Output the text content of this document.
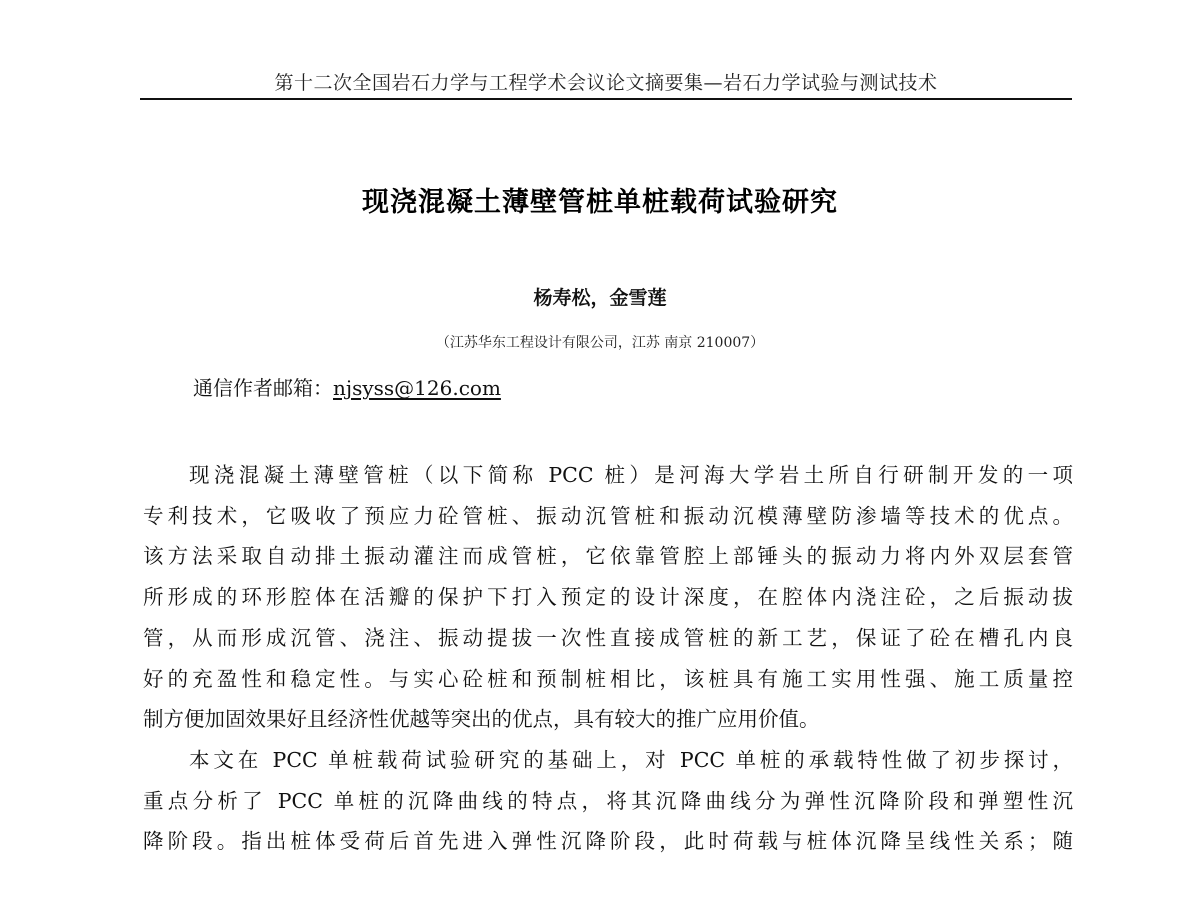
第十二次全国岩石力学与工程学术会议论文摘要集—岩石力学试验与测试技术
现浇混凝土薄壁管桩单桩载荷试验研究
杨寿松，金雪莲
（江苏华东工程设计有限公司，江苏 南京 210007）
通信作者邮箱：njsyss@126.com
现浇混凝土薄壁管桩（以下简称 PCC 桩）是河海大学岩土所自行研制开发的一项
专利技术，它吸收了预应力砼管桩、振动沉管桩和振动沉模薄壁防渗墙等技术的优点。
该方法采取自动排土振动灌注而成管桩，它依靠管腔上部锤头的振动力将内外双层套管
所形成的环形腔体在活瓣的保护下打入预定的设计深度，在腔体内浇注砼，之后振动拔
管，从而形成沉管、浇注、振动提拔一次性直接成管桩的新工艺，保证了砼在槽孔内良
好的充盈性和稳定性。与实心砼桩和预制桩相比，该桩具有施工实用性强、施工质量控
制方便加固效果好且经济性优越等突出的优点，具有较大的推广应用价值。
本文在 PCC 单桩载荷试验研究的基础上，对 PCC 单桩的承载特性做了初步探讨，
重点分析了 PCC 单桩的沉降曲线的特点，将其沉降曲线分为弹性沉降阶段和弹塑性沉
降阶段。指出桩体受荷后首先进入弹性沉降阶段，此时荷载与桩体沉降呈线性关系；随
